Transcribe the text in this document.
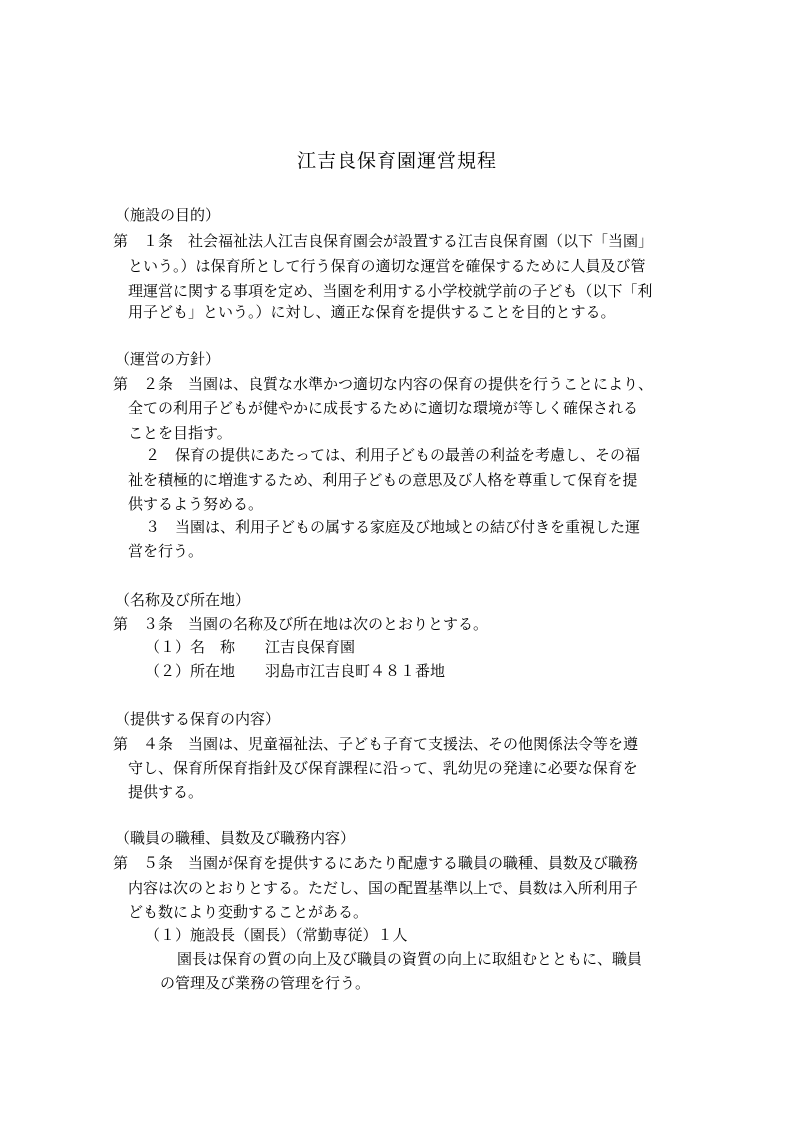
江吉良保育園運営規程
（施設の目的）
第　１条　社会福祉法人江吉良保育園会が設置する江吉良保育園（以下「当園」
という。）は保育所として行う保育の適切な運営を確保するために人員及び管
理運営に関する事項を定め、当園を利用する小学校就学前の子ども（以下「利
用子ども」という。）に対し、適正な保育を提供することを目的とする。
（運営の方針）
第　２条　当園は、良質な水準かつ適切な内容の保育の提供を行うことにより、
全ての利用子どもが健やかに成長するために適切な環境が等しく確保される
ことを目指す。
２　保育の提供にあたっては、利用子どもの最善の利益を考慮し、その福
祉を積極的に増進するため、利用子どもの意思及び人格を尊重して保育を提
供するよう努める。
３　当園は、利用子どもの属する家庭及び地域との結び付きを重視した運
営を行う。
（名称及び所在地）
第　３条　当園の名称及び所在地は次のとおりとする。
（１）名　称　　江吉良保育園
（２）所在地　　羽島市江吉良町４８１番地
（提供する保育の内容）
第　４条　当園は、児童福祉法、子ども子育て支援法、その他関係法令等を遵
守し、保育所保育指針及び保育課程に沿って、乳幼児の発達に必要な保育を
提供する。
（職員の職種、員数及び職務内容）
第　５条　当園が保育を提供するにあたり配慮する職員の職種、員数及び職務
内容は次のとおりとする。ただし、国の配置基準以上で、員数は入所利用子
ども数により変動することがある。
（１）施設長（園長）（常勤専従）１人
園長は保育の質の向上及び職員の資質の向上に取組むとともに、職員
の管理及び業務の管理を行う。
